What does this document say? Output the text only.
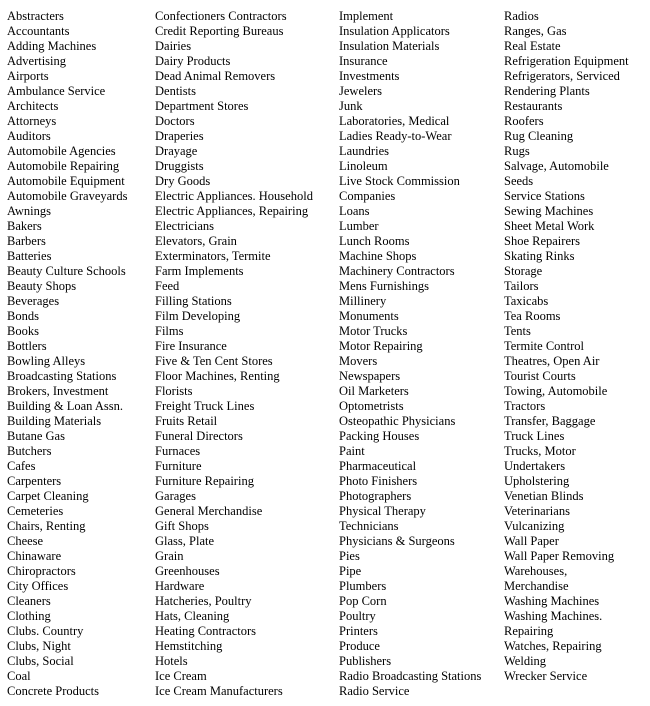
Abstracters
Accountants
Adding Machines
Advertising
Airports
Ambulance Service
Architects
Attorneys
Auditors
Automobile Agencies
Automobile Repairing
Automobile Equipment
Automobile Graveyards
Awnings
Bakers
Barbers
Batteries
Beauty Culture Schools
Beauty Shops
Beverages
Bonds
Books
Bottlers
Bowling Alleys
Broadcasting Stations
Brokers, Investment
Building & Loan Assn.
Building Materials
Butane Gas
Butchers
Cafes
Carpenters
Carpet Cleaning
Cemeteries
Chairs, Renting
Cheese
Chinaware
Chiropractors
City Offices
Cleaners
Clothing
Clubs. Country
Clubs, Night
Clubs, Social
Coal
Concrete Products
Confectioners Contractors
Credit Reporting Bureaus
Dairies
Dairy Products
Dead Animal Removers
Dentists
Department Stores
Doctors
Draperies
Drayage
Druggists
Dry Goods
Electric Appliances. Household
Electric Appliances, Repairing
Electricians
Elevators, Grain
Exterminators, Termite
Farm Implements
Feed
Filling Stations
Film Developing
Films
Fire Insurance
Five & Ten Cent Stores
Floor Machines, Renting
Florists
Freight Truck Lines
Fruits Retail
Funeral Directors
Furnaces
Furniture
Furniture Repairing
Garages
General Merchandise
Gift Shops
Glass, Plate
Grain
Greenhouses
Hardware
Hatcheries, Poultry
Hats, Cleaning
Heating Contractors
Hemstitching
Hotels
Ice Cream
Ice Cream Manufacturers
Implement
Insulation Applicators
Insulation Materials
Insurance
Investments
Jewelers
Junk
Laboratories, Medical
Ladies Ready-to-Wear
Laundries
Linoleum
Live Stock Commission
Companies
Loans
Lumber
Lunch Rooms
Machine Shops
Machinery Contractors
Mens Furnishings
Millinery
Monuments
Motor Trucks
Motor Repairing
Movers
Newspapers
Oil Marketers
Optometrists
Osteopathic Physicians
Packing Houses
Paint
Pharmaceutical
Photo Finishers
Photographers
Physical Therapy
Technicians
Physicians & Surgeons
Pies
Pipe
Plumbers
Pop Corn
Poultry
Printers
Produce
Publishers
Radio Broadcasting Stations
Radio Service
Radios
Ranges, Gas
Real Estate
Refrigeration Equipment
Refrigerators, Serviced
Rendering Plants
Restaurants
Roofers
Rug Cleaning
Rugs
Salvage, Automobile
Seeds
Service Stations
Sewing Machines
Sheet Metal Work
Shoe Repairers
Skating Rinks
Storage
Tailors
Taxicabs
Tea Rooms
Tents
Termite Control
Theatres, Open Air
Tourist Courts
Towing, Automobile
Tractors
Transfer, Baggage
Truck Lines
Trucks, Motor
Undertakers
Upholstering
Venetian Blinds
Veterinarians
Vulcanizing
Wall Paper
Wall Paper Removing
Warehouses,
Merchandise
Washing Machines
Washing Machines.
Repairing
Watches, Repairing
Welding
Wrecker Service
